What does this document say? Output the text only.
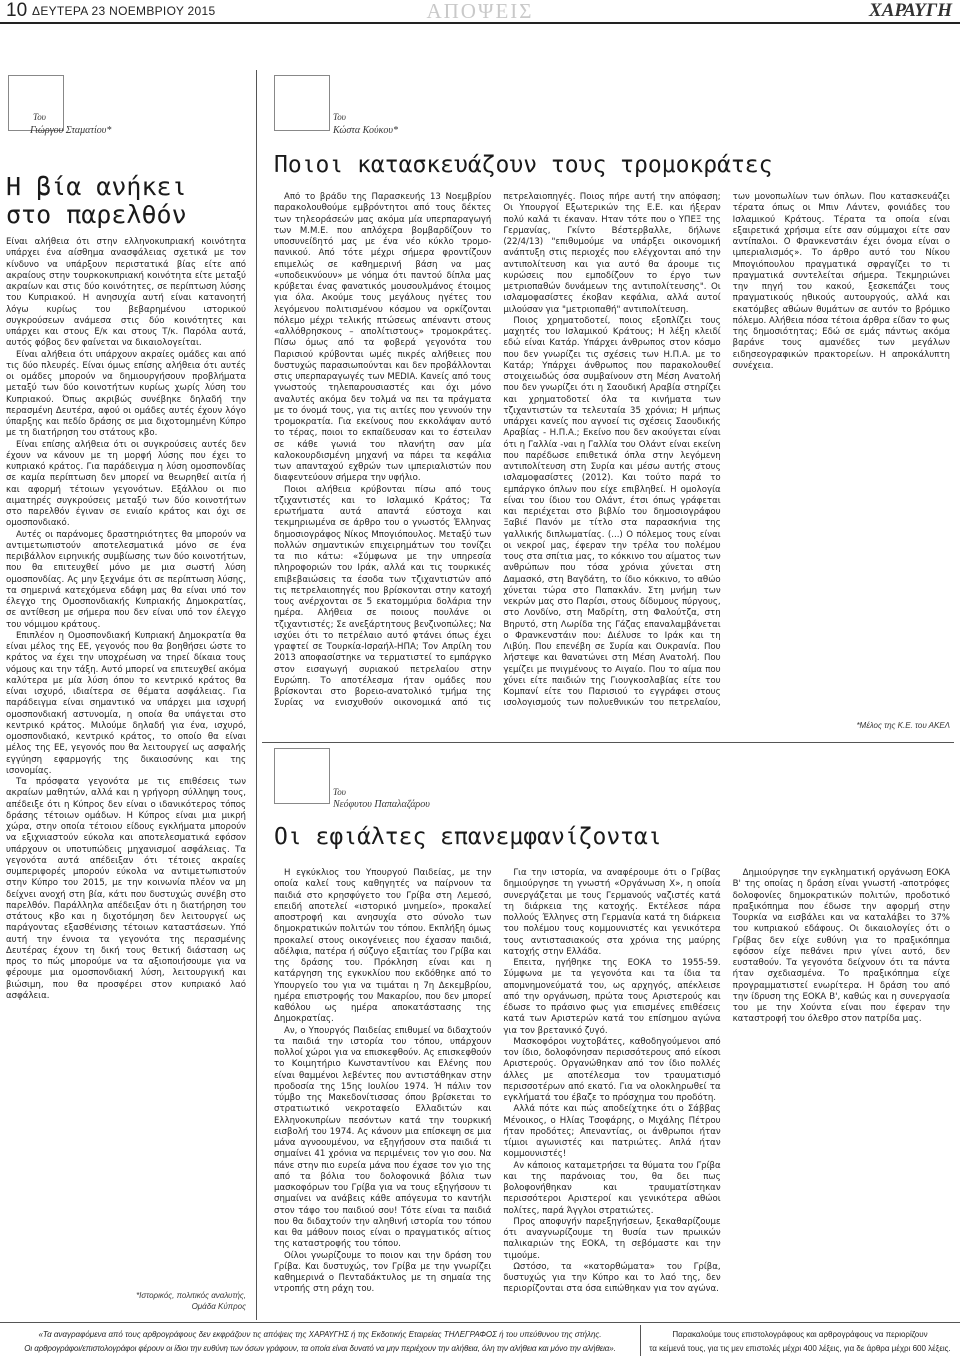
10 ΔΕΥΤΕΡΑ 23 ΝΟΕΜΒΡΙΟΥ 2015	ΑΠΟΨΕΙΣ	ΧΑΡΑΥΓΗ
Του
Γιώργου Σταματίου*
Η βία ανήκει
στο παρελθόν

Είναι αλήθεια ότι στην ελληνοκυπριακή κοινότητα υπάρχει ένα αίσθημα ανασφάλειας σχετικά με τον κίνδυνο να υπάρξουν περιστατικά βίας είτε από ακραίους στην τουρκοκυπριακή κοινότητα είτε μεταξύ ακραίων και στις δύο κοινότητες, σε περίπτωση λύσης του Κυπριακού. Η ανησυχία αυτή είναι κατανοητή λόγω κυρίως του βεβαρημένου ιστορικού συγκρούσεων ανάμεσα στις δύο κοινότητες και υπάρχει και στους Ε/κ και στους Τ/κ. Παρόλα αυτά, αυτός φόβος δεν φαίνεται να δικαιολογείται.

Είναι αλήθεια ότι υπάρχουν ακραίες ομάδες και από τις δύο πλευρές. Είναι όμως επίσης αλήθεια ότι αυτές οι ομάδες μπορούν να δημιουργήσουν προβλήματα μεταξύ των δύο κοινοτήτων κυρίως χωρίς λύση του Κυπριακού. Όπως ακριβώς συνέβηκε δηλαδή την περασμένη Δευτέρα, αφού οι ομάδες αυτές έχουν λόγο ύπαρξης και πεδίο δράσης σε μια διχοτομημένη Κύπρο με τη διατήρηση του στάτους κβο.

Είναι επίσης αλήθεια ότι οι συγκρούσεις αυτές δεν έχουν να κάνουν με τη μορφή λύσης που έχει το κυπριακό κράτος. Για παράδειγμα η λύση ομοσπονδίας σε καμία περίπτωση δεν μπορεί να θεωρηθεί αιτία ή και αφορμή τέτοιων γεγονότων. Εξάλλου οι πιο αιματηρές συγκρούσεις μεταξύ των δύο κοινοτήτων στο παρελθόν έγιναν σε ενιαίο κράτος και όχι σε ομοσπονδιακό.

Αυτές οι παράνομες δραστηριότητες θα μπορούν να αντιμετωπιστούν αποτελεσματικά μόνο σε ένα περιβάλλον ειρηνικής συμβίωσης των δύο κοινοτήτων, που θα επιτευχθεί μόνο με μια σωστή λύση ομοσπονδίας. Ας μην ξεχνάμε ότι σε περίπτωση λύσης, τα σημερινά κατεχόμενα εδάφη μας θα είναι υπό τον έλεγχο της Ομοσπονδιακής Κυπριακής Δημοκρατίας, σε αντίθεση με σήμερα που δεν είναι υπό τον έλεγχο του νόμιμου κράτους.

Επιπλέον η Ομοσπονδιακή Κυπριακή Δημοκρατία θα είναι μέλος της ΕΕ, γεγονός που θα βοηθήσει ώστε το κράτος να έχει την υποχρέωση να τηρεί δίκαια τους νόμους και την τάξη. Αυτό μπορεί να επιτευχθεί ακόμα καλύτερα με μία λύση όπου το κεντρικό κράτος θα είναι ισχυρό, ιδιαίτερα σε θέματα ασφάλειας. Για παράδειγμα είναι σημαντικό να υπάρχει μια ισχυρή ομοσπονδιακή αστυνομία, η οποία θα υπάγεται στο κεντρικό κράτος. Μιλούμε δηλαδή για ένα, ισχυρό, ομοσπονδιακό, κεντρικό κράτος, το οποίο θα είναι μέλος της ΕΕ, γεγονός που θα λειτουργεί ως ασφαλής εγγύηση εφαρμογής της δικαιοσύνης και της ισονομίας.

Τα πρόσφατα γεγονότα με τις επιθέσεις των ακραίων μαθητών, αλλά και η γρήγορη σύλληψη τους, απέδειξε ότι η Κύπρος δεν είναι ο ιδανικότερος τόπος δράσης τέτοιων ομάδων. Η Κύπρος είναι μια μικρή χώρα, στην οποία τέτοιου είδους εγκλήματα μπορούν να εξιχνιαστούν εύκολα και αποτελεσματικά εφόσον υπάρχουν οι υποτυπώδεις μηχανισμοί ασφάλειας. Τα γεγονότα αυτά απέδειξαν ότι τέτοιες ακραίες συμπεριφορές μπορούν εύκολα να αντιμετωπιστούν στην Κύπρο του 2015, με την κοινωνία πλέον να μη δείχνει ανοχή στη βία, κάτι που δυστυχώς συνέβη στο παρελθόν. Παράλληλα απέδειξαν ότι η διατήρηση του στάτους κβο και η διχοτόμηση δεν λειτουργεί ως παράγοντας εξασθένισης τέτοιων καταστάσεων. Υπό αυτή την έννοια τα γεγονότα της περασμένης Δευτέρας έχουν τη δική τους θετική διάσταση ως προς το πώς μπορούμε να τα αξιοποιήσουμε για να φέρουμε μια ομοσπονδιακή λύση, λειτουργική και βιώσιμη, που θα προσφέρει στον κυπριακό λαό ασφάλεια.

*Ιστορικός, πολιτικός αναλυτής,
Ομάδα Κύπρος
Του
Κώστα Κούκου*
Ποιοι κατασκευάζουν τους τρομοκράτες

Από το βράδυ της Παρασκευής 13 Νοεμβρίου παρακολουθούμε εμβρόντητοι από τους δέκτες των τηλεοράσεών μας ακόμα μία υπερπαραγωγή των Μ.Μ.Ε. που απλόχερα βομβαρδίζουν το υποσυνείδητό μας με ένα νέο κύκλο τρομο-πανικού. Από τότε μέχρι σήμερα φροντίζουν επιμελώς σε καθημερινή βάση να μας «υποδεικνύουν» με νόημα ότι παντού δίπλα μας κρύβεται ένας φανατικός μουσουλμάνος έτοιμος για όλα. Ακούμε τους μεγάλους ηγέτες του λεγόμενου πολιτισμένου κόσμου να ορκίζονται πόλεμο μέχρι τελικής πτώσεως απέναντι στους «αλλόθρησκους – απολίτιστους» τρομοκράτες. Πίσω όμως από τα φοβερά γεγονότα του Παρισιού κρύβονται ωμές πικρές αλήθειες που δυστυχώς παρασιωπούνται και δεν προβάλλονται στις υπερπαραγωγές των MEDIA. Κανείς από τους γνωστούς τηλεπαρουσιαστές και όχι μόνο αναλυτές ακόμα δεν τολμά να πει τα πράγματα με το όνομά τους, για τις αιτίες που γεννούν την τρομοκρατία. Για εκείνους που εκκολάψαν αυτό το τέρας, ποιοι το εκπαίδευσαν και το έστειλαν σε κάθε γωνιά του πλανήτη σαν μία καλοκουρδισμένη μηχανή να πάρει τα κεφάλια των απανταχού εχθρών των ιμπεριαλιστών που διαφεντεύουν σήμερα την υφήλιο.

Ποιοι αλήθεια κρύβονται πίσω από τους τζιχαντιστές και το Ισλαμικό Κράτος; Τα ερωτήματα αυτά απαντά εύστοχα και τεκμηριωμένα σε άρθρο του ο γνωστός Έλληνας δημοσιογράφος Νίκος Μπογιόπουλος. Μεταξύ των πολλών σημαντικών επιχειρημάτων του τονίζει τα πιο κάτω: «Σύμφωνα με την υπηρεσία πληροφοριών του Ιράκ, αλλά και τις τουρκικές επιβεβαιώσεις τα έσοδα των τζιχαντιστών από τις πετρελαιοπηγές που βρίσκονται στην κατοχή τους ανέρχονται σε 5 εκατομμύρια δολάρια την ημέρα. Αλήθεια σε ποιους πουλάνε οι τζιχαντιστές; Σε ανεξάρτητους βενζινοπώλες; Να ισχύει ότι το πετρέλαιο αυτό φτάνει όπως έχει γραφτεί σε Τουρκία-Ισραήλ-ΗΠΑ; Τον Απρίλη του 2013 αποφασίστηκε να τερματιστεί το εμπάργκο στον εισαγωγή συριακού πετρελαίου στην Ευρώπη. Το αποτέλεσμα ήταν ομάδες που βρίσκονται στο βορειο-ανατολικό τμήμα της Συρίας να ενισχυθούν οικονομικά από τις πετρελαιοπηγές. Ποιος πήρε αυτή την απόφαση; Οι Υπουργοί Εξωτερικών της Ε.Ε. και ήξεραν πολύ καλά τι έκαναν. Ηταν τότε που ο ΥΠΕΞ της Γερμανίας, Γκίντο Βέστερβαλλε, δήλωνε (22/4/13) "επιθυμούμε να υπάρξει οικονομική ανάπτυξη στις περιοχές που ελέγχονται από την αντιπολίτευση και για αυτό θα άρουμε τις κυρώσεις που εμποδίζουν το έργο των μετριοπαθών δυνάμεων της αντιπολίτευσης". Οι ισλαμοφασίστες έκοβαν κεφάλια, αλλά αυτοί μιλούσαν για "μετριοπαθή" αντιπολίτευση.

Ποιος χρηματοδοτεί, ποιος εξοπλίζει τους μαχητές του Ισλαμικού Κράτους; Η λέξη κλειδί εδώ είναι Κατάρ. Υπάρχει άνθρωπος στον κόσμο που δεν γνωρίζει τις σχέσεις των Η.Π.Α. με το Κατάρ; Υπάρχει άνθρωπος που παρακολουθεί στοιχειωδώς όσα συμβαίνουν στη Μέση Ανατολή που δεν γνωρίζει ότι η Σαουδική Αραβία στηρίζει και χρηματοδοτεί όλα τα κινήματα των τζιχαντιστών τα τελευταία 35 χρόνια; Η μήπως υπάρχει κανείς που αγνοεί τις σχέσεις Σαουδικής Αραβίας - Η.Π.Α.; Εκείνο που δεν ακούγεται είναι ότι η Γαλλία -ναι η Γαλλία του Ολάντ είναι εκείνη που παρέδωσε επιθετικά όπλα στην λεγόμενη αντιπολίτευση στη Συρία και μέσω αυτής στους ισλαμοφασίστες (2012). Και τούτο παρά το εμπάργκο όπλων που είχε επιβληθεί. Η ομολογία είναι του ίδιου του Ολάντ, έτσι όπως γράφεται και περιέχεται στο βιβλίο του δημοσιογράφου Ξαβιέ Πανόν με τίτλο στα παρασκήνια της γαλλικής διπλωματίας. (...) Ο πόλεμος τους είναι οι νεκροί μας, έφεραν την τρέλα του πολέμου τους στα σπίτια μας, το κόκκινο του αίματος των ανθρώπων που τόσα χρόνια χύνεται στη Δαμασκό, στη Βαγδάτη, το ίδιο κόκκινο, το αθώο χύνεται τώρα στο Παπακλάν. Στη μνήμη των νεκρών μας στο Παρίσι, στους δίδυμους πύργους, στο Λονδίνο, στη Μαδρίτη, στη Φαλούτζα, στη Βηρυτό, στη Λωρίδα της Γάζας επαναλαμβάνεται ο Φρανκενστάιν που: Διέλυσε το Ιράκ και τη Λιβύη. Που επενέβη σε Συρία και Ουκρανία. Που λήστεψε και θανατώνει στη Μέση Ανατολή. Που γεμίζει με πνιγμένους το Αιγαίο. Που το αίμα που χύνει είτε παιδιών της Γιουγκοσλαβίας είτε του Κομπανί είτε του Παρισιού το εγγράφει στους ισολογισμούς των πολυεθνικών του πετρελαίου, των μονοπωλίων των όπλων. Που κατασκευάζει τέρατα όπως οι Μπιν Λάντεν, φονιάδες του Ισλαμικού Κράτους. Τέρατα τα οποία είναι εξαιρετικά χρήσιμα είτε σαν σύμμαχοι είτε σαν αντίπαλοι. Ο Φρανκενστάιν έχει όνομα είναι ο ιμπεριαλισμός». Το άρθρο αυτό του Νίκου Μπογιόπουλου πραγματικά σφραγίζει το τι πραγματικά συντελείται σήμερα. Τεκμηριώνει την πηγή του κακού, ξεσκεπάζει τους πραγματικούς ηθικούς αυτουργούς, αλλά και εκατόμβες αθώων θυμάτων σε αυτόν το βρόμικο πόλεμο. Αλήθεια πόσα τέτοια άρθρα είδαν το φως της δημοσιότητας; Εδώ σε εμάς πάντως ακόμα βαράνε τους αμανέδες των μεγάλων ειδησεογραφικών πρακτορείων. Η απροκάλυπτη συνέχεια.

*Μέλος της Κ.Ε. του ΑΚΕΛ
Του
Νεόφυτου Παπαλαζάρου
Οι εφιάλτες επανεμφανίζονται

Η εγκύκλιος του Υπουργού Παιδείας, με την οποία καλεί τους καθηγητές να παίρνουν τα παιδιά στο κρησφύγετο του Γρίβα στη Λεμεσό, επειδή αποτελεί «ιστορικό μνημείο», προκαλεί αποστροφή και ανησυχία στο σύνολο των δημοκρατικών πολιτών του τόπου. Εκπλήξη όμως προκαλεί στους οικογένειες που έχασαν παιδιά, αδέλφια, πατέρα ή σύζυγο εξαιτίας του Γρίβα και της δράσης του. Πρόκληση είναι και η κατάργηση της εγκυκλίου που εκδόθηκε από το Υπουργείο του για να τιμάται η 7η Δεκεμβρίου, ημέρα επιστροφής του Μακαρίου, που δεν μπορεί καθόλου ως ημέρα αποκατάστασης της Δημοκρατίας.

Αν, ο Υπουργός Παιδείας επιθυμεί να διδαχτούν τα παιδιά την ιστορία του τόπου, υπάρχουν πολλοί χώροι για να επισκεφθούν. Ας επισκεφθούν το Κοιμητήριο Κωνσταντίνου και Ελένης που είναι θαμμένοι λεβέντες που αντιστάθηκαν στην προδοσία της 15ης Ιουλίου 1974. Ή πάλιν τον τύμβο της Μακεδονίτισσας όπου βρίσκεται το στρατιωτικό νεκροταφείο Ελλαδιτών και Ελληνοκυπρίων πεσόντων κατά την τουρκική εισβολή του 1974. Ας κάνουν μια επίσκεψη σε μια μάνα αγνοουμένου, να εξηγήσουν στα παιδιά τι σημαίνει 41 χρόνια να περιμένεις τον γιο σου. Να πάνε στην πιο ευρεία μάνα που έχασε τον γιο της από τα βόλια του δολοφονικά βόλια των μασκοφόρων του Γρίβα για να τους εξηγήσουν τι σημαίνει να ανάβεις κάθε απόγευμα το καντήλι στον τάφο του παιδιού σου! Τότε είναι τα παιδιά που θα διδαχτούν την αληθινή ιστορία του τόπου και θα μάθουν ποιος είναι ο πραγματικός αίτιος της καταστροφής του τόπου.

Οίλοι γνωρίζουμε το ποιον και την δράση του Γρίβα. Και δυστυχώς, τον Γρίβα με την γνωρίζει καθημερινά ο Πενταδάκτυλος με τη σημαία της ντροπής στη ράχη του.

Για την ιστορία, να αναφέρουμε ότι ο Γρίβας δημιούργησε τη γνωστή «Οργάνωση Χ», η οποία συνεργάζεται με τους Γερμανούς ναζιστές κατά τη διάρκεια της κατοχής. Εκτέλεσε πάρα πολλούς Έλληνες στη Γερμανία κατά τη διάρκεια του πολέμου τους κομμουνιστές και γενικότερα τους αντιστασιακούς στα χρόνια της μαύρης κατοχής στην Ελλάδα.

Επειτα, ηγήθηκε της ΕΟΚΑ το 1955-59. Σύμφωνα με τα γεγονότα και τα ίδια τα απομνημονεύματά του, ως αρχηγός, απέκλεισε από την οργάνωση, πρώτα τους Αριστερούς και έδωσε το πράσινο φως για επισμένες επιθέσεις κατά των Αριστερών κατά του επίσημου αγώνα για τον βρετανικό ζυγό.

Μασκοφόροι νυχτοβάτες, καθοδηγούμενοι από τον ίδιο, δολοφόνησαν περισσότερους από είκοσι Αριστερούς. Οργανώθηκαν από τον ίδιο πολλές άλλες με αποτέλεσμα τον τραυματισμό περισσοτέρων από εκατό. Για να ολοκληρωθεί τα εγκλήματά του έβαζε το πρόσχημα του προδότη.

Αλλά πότε και πώς αποδείχτηκε ότι ο Σάββας Μένοικος, ο Ηλίας Τσοφάρης, ο Μιχάλης Πέτρου ήταν προδότες; Απεναντίας, οι άνθρωποι ήταν τίμιοι αγωνιστές και πατριώτες. Απλά ήταν κομμουνιστές!

Αν κάποιος καταμετρήσει τα θύματα του Γρίβα και της παράνοιας του, θα δει πως βολοφονήθηκαν και τραυματίστηκαν περισσότεροι Αριστεροί και γενικότερα αθώοι πολίτες, παρά Άγγλοι στρατιώτες.

Προς αποφυγήν παρεξηγήσεων, ξεκαθαρίζουμε ότι αναγνωρίζουμε τη θυσία των πρωικών παλικαριών της ΕΟΚΑ, τη σεβόμαστε και την τιμούμε.

Ωστόσο, τα «κατορθώματα» του Γρίβα, δυστυχώς για την Κύπρο και το λαό της, δεν περιορίζονται στα όσα ειπώθηκαν για τον αγώνα.

Δημιούργησε την εγκληματική οργάνωση ΕΟΚΑ Β' της οποίας η δράση είναι γνωστή -αποτρόφες δολοφονίες δημοκρατικών πολιτών, προδοτικό πραξικόπημα που έδωσε την αφορμή στην Τουρκία να εισβάλει και να καταλάβει το 37% του κυπριακού εδάφους. Οι δικαιολογίες ότι ο Γρίβας δεν είχε ευθύνη για το πραξικόπημα εφόσον είχε πεθάνει πριν γίνει αυτό, δεν ευσταθούν. Τα γεγονότα δείχνουν ότι τα πάντα ήταν σχεδιασμένα. Το πραξικόπημα είχε προγραμματιστεί ενωρίτερα. Η δράση του από την ίδρυση της ΕΟΚΑ Β', καθώς και η συνεργασία του με την Χούντα είναι που έφεραν την καταστροφή του όλεθρο στον πατρίδα μας.

«Τα αναγραφόμενα από τους αρθρογράφους δεν εκφράζουν τις απόψεις της ΧΑΡΑΥΓΗΣ ή της Εκδοτικής Εταιρείας ΤΗΛΕΓΡΑΦΟΣ ή του υπεύθυνου της στήλης.
Οι αρθρογράφοι/επιστολογράφοι φέρουν οι ίδιοι την ευθύνη των όσων γράφουν, τα οποία είναι δυνατό να μην περιέχουν την αλήθεια, όλη την αλήθεια και μόνο την αλήθεια».
Παρακαλούμε τους επιστολογράφους και αρθρογράφους να περιορίζουν
τα κείμενά τους, για τις μεν επιστολές μέχρι 400 λέξεις, για δε άρθρα μέχρι 600 λέξεις.
